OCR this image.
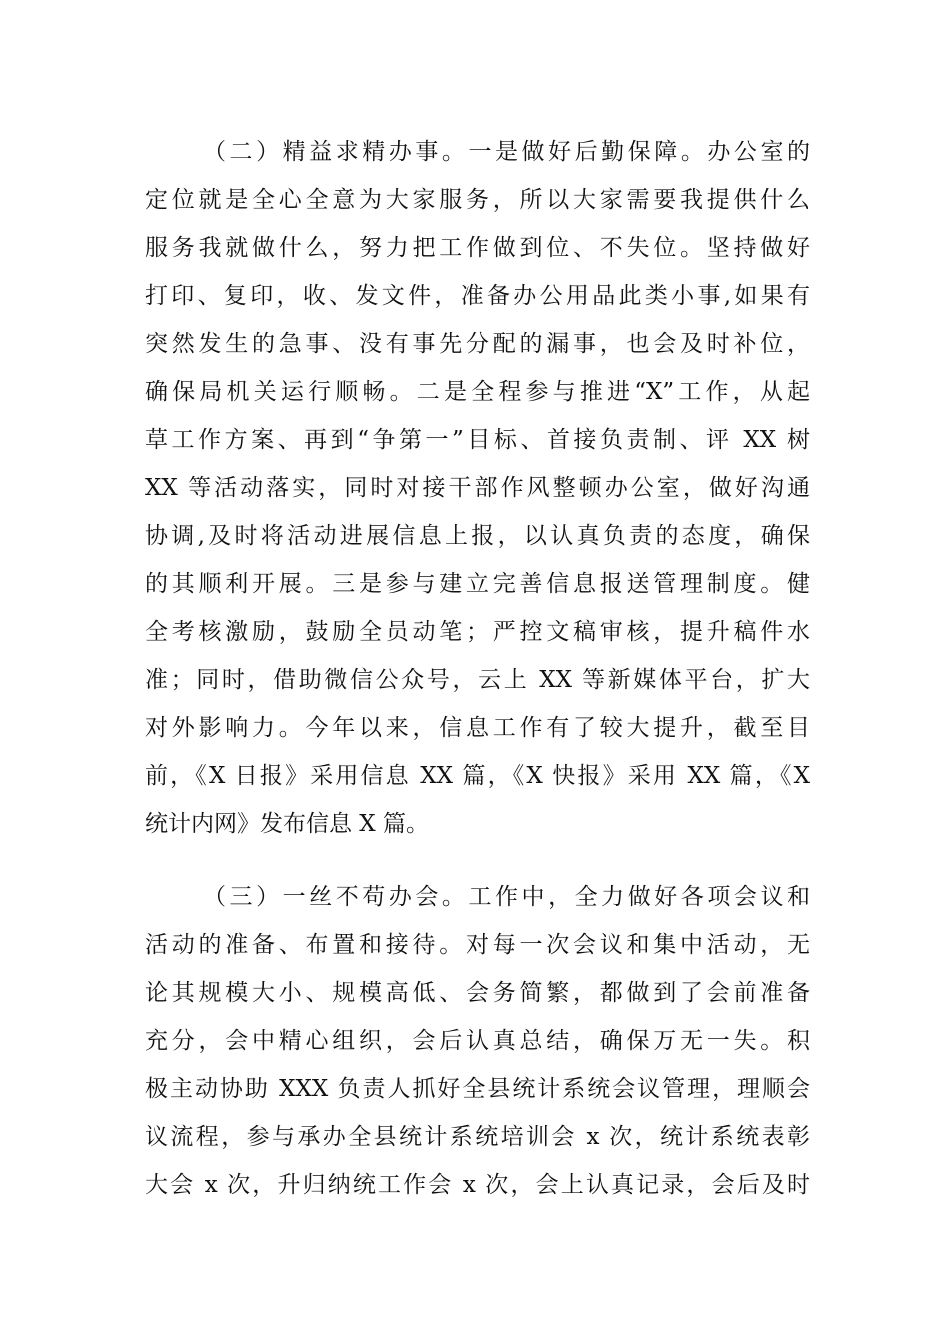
（二）精益求精办事。一是做好后勤保障。办公室的
定位就是全心全意为大家服务，所以大家需要我提供什么
服务我就做什么，努力把工作做到位、不失位。坚持做好
打印、复印，收、发文件，准备办公用品此类小事,如果有
突然发生的急事、没有事先分配的漏事，也会及时补位，
确保局机关运行顺畅。二是全程参与推进“X”工作，从起
草工作方案、再到“争第一”目标、首接负责制、评 XX 树
XX 等活动落实，同时对接干部作风整顿办公室，做好沟通
协调,及时将活动进展信息上报，以认真负责的态度，确保
的其顺利开展。三是参与建立完善信息报送管理制度。健
全考核激励，鼓励全员动笔；严控文稿审核，提升稿件水
准；同时，借助微信公众号，云上 XX 等新媒体平台，扩大
对外影响力。今年以来，信息工作有了较大提升，截至目
前，《X 日报》采用信息 XX 篇，《X 快报》采用 XX 篇，《X
统计内网》发布信息 X 篇。
（三）一丝不苟办会。工作中，全力做好各项会议和
活动的准备、布置和接待。对每一次会议和集中活动，无
论其规模大小、规模高低、会务简繁，都做到了会前准备
充分，会中精心组织，会后认真总结，确保万无一失。积
极主动协助 XXX 负责人抓好全县统计系统会议管理，理顺会
议流程，参与承办全县统计系统培训会 x 次，统计系统表彰
大会 x 次，升归纳统工作会 x 次，会上认真记录，会后及时
